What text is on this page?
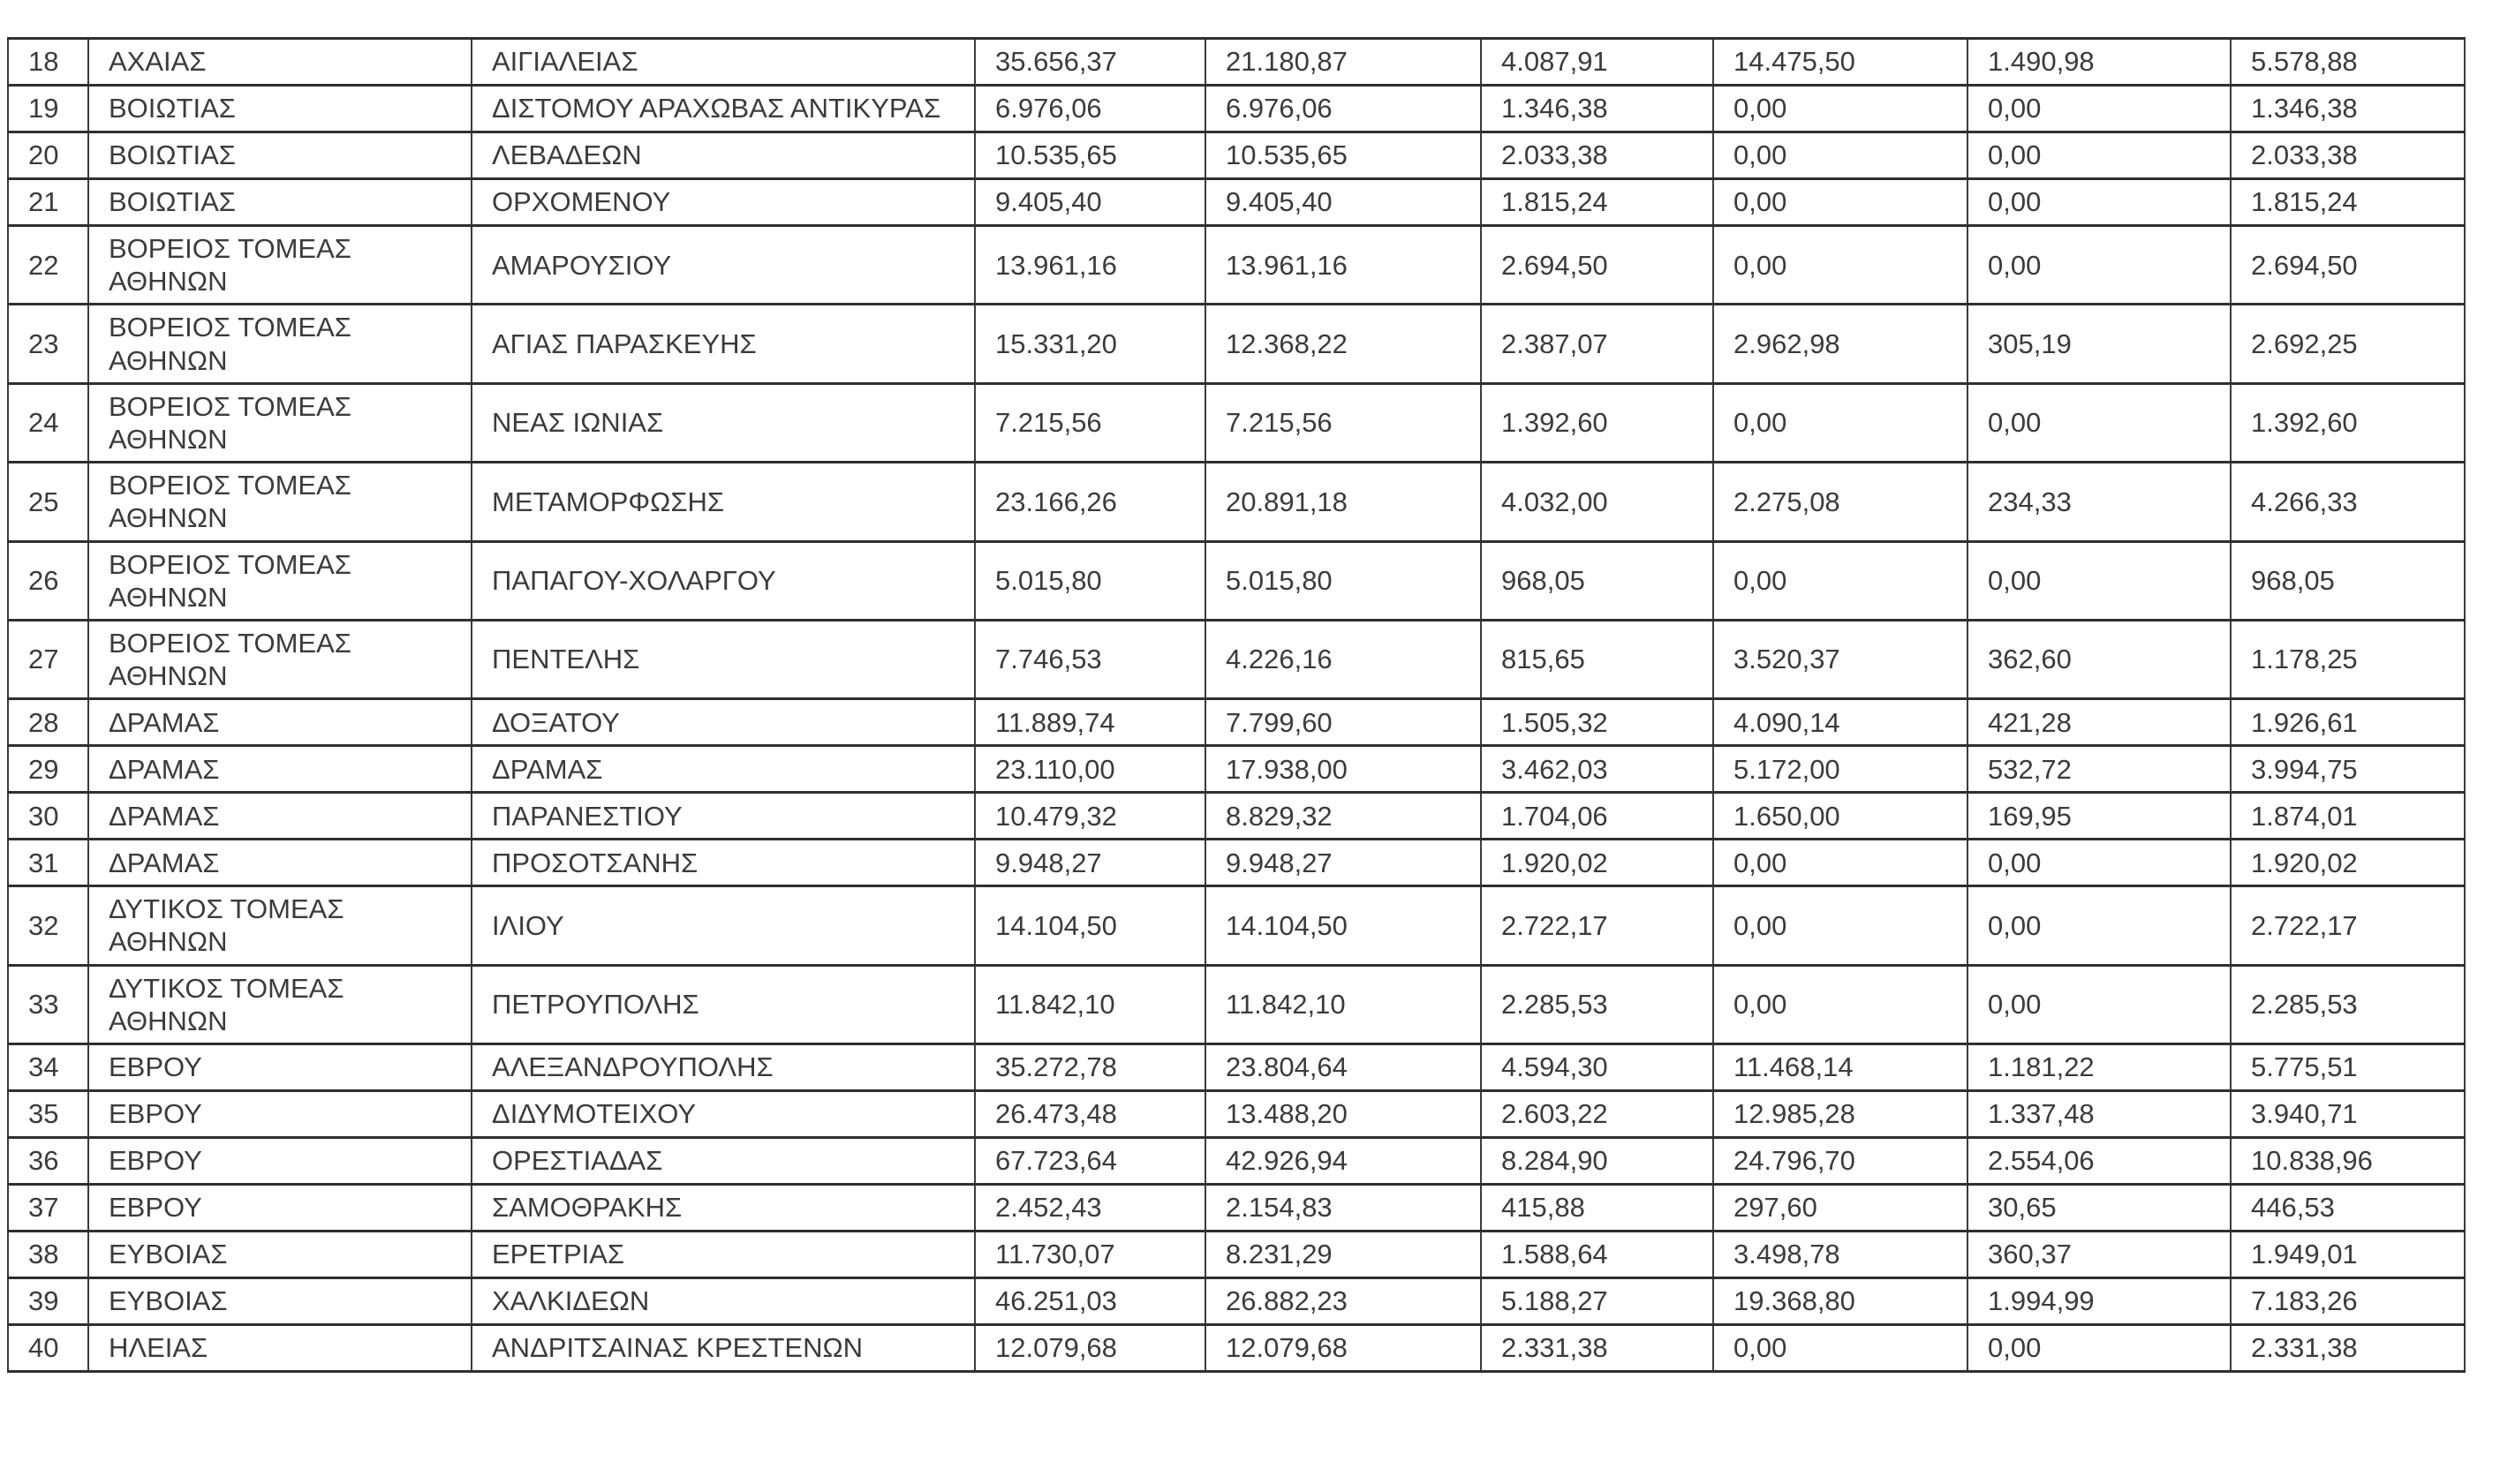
18	ΑΧΑΙΑΣ	ΑΙΓΙΑΛΕΙΑΣ	35.656,37	21.180,87	4.087,91	14.475,50	1.490,98	5.578,88
19	ΒΟΙΩΤΙΑΣ	ΔΙΣΤΟΜΟΥ ΑΡΑΧΩΒΑΣ ΑΝΤΙΚΥΡΑΣ	6.976,06	6.976,06	1.346,38	0,00	0,00	1.346,38
20	ΒΟΙΩΤΙΑΣ	ΛΕΒΑΔΕΩΝ	10.535,65	10.535,65	2.033,38	0,00	0,00	2.033,38
21	ΒΟΙΩΤΙΑΣ	ΟΡΧΟΜΕΝΟΥ	9.405,40	9.405,40	1.815,24	0,00	0,00	1.815,24
22	ΒΟΡΕΙΟΣ ΤΟΜΕΑΣ ΑΘΗΝΩΝ	ΑΜΑΡΟΥΣΙΟΥ	13.961,16	13.961,16	2.694,50	0,00	0,00	2.694,50
23	ΒΟΡΕΙΟΣ ΤΟΜΕΑΣ ΑΘΗΝΩΝ	ΑΓΙΑΣ ΠΑΡΑΣΚΕΥΗΣ	15.331,20	12.368,22	2.387,07	2.962,98	305,19	2.692,25
24	ΒΟΡΕΙΟΣ ΤΟΜΕΑΣ ΑΘΗΝΩΝ	ΝΕΑΣ ΙΩΝΙΑΣ	7.215,56	7.215,56	1.392,60	0,00	0,00	1.392,60
25	ΒΟΡΕΙΟΣ ΤΟΜΕΑΣ ΑΘΗΝΩΝ	ΜΕΤΑΜΟΡΦΩΣΗΣ	23.166,26	20.891,18	4.032,00	2.275,08	234,33	4.266,33
26	ΒΟΡΕΙΟΣ ΤΟΜΕΑΣ ΑΘΗΝΩΝ	ΠΑΠΑΓΟΥ-ΧΟΛΑΡΓΟΥ	5.015,80	5.015,80	968,05	0,00	0,00	968,05
27	ΒΟΡΕΙΟΣ ΤΟΜΕΑΣ ΑΘΗΝΩΝ	ΠΕΝΤΕΛΗΣ	7.746,53	4.226,16	815,65	3.520,37	362,60	1.178,25
28	ΔΡΑΜΑΣ	ΔΟΞΑΤΟΥ	11.889,74	7.799,60	1.505,32	4.090,14	421,28	1.926,61
29	ΔΡΑΜΑΣ	ΔΡΑΜΑΣ	23.110,00	17.938,00	3.462,03	5.172,00	532,72	3.994,75
30	ΔΡΑΜΑΣ	ΠΑΡΑΝΕΣΤΙΟΥ	10.479,32	8.829,32	1.704,06	1.650,00	169,95	1.874,01
31	ΔΡΑΜΑΣ	ΠΡΟΣΟΤΣΑΝΗΣ	9.948,27	9.948,27	1.920,02	0,00	0,00	1.920,02
32	ΔΥΤΙΚΟΣ ΤΟΜΕΑΣ ΑΘΗΝΩΝ	ΙΛΙΟΥ	14.104,50	14.104,50	2.722,17	0,00	0,00	2.722,17
33	ΔΥΤΙΚΟΣ ΤΟΜΕΑΣ ΑΘΗΝΩΝ	ΠΕΤΡΟΥΠΟΛΗΣ	11.842,10	11.842,10	2.285,53	0,00	0,00	2.285,53
34	ΕΒΡΟΥ	ΑΛΕΞΑΝΔΡΟΥΠΟΛΗΣ	35.272,78	23.804,64	4.594,30	11.468,14	1.181,22	5.775,51
35	ΕΒΡΟΥ	ΔΙΔΥΜΟΤΕΙΧΟΥ	26.473,48	13.488,20	2.603,22	12.985,28	1.337,48	3.940,71
36	ΕΒΡΟΥ	ΟΡΕΣΤΙΑΔΑΣ	67.723,64	42.926,94	8.284,90	24.796,70	2.554,06	10.838,96
37	ΕΒΡΟΥ	ΣΑΜΟΘΡΑΚΗΣ	2.452,43	2.154,83	415,88	297,60	30,65	446,53
38	ΕΥΒΟΙΑΣ	ΕΡΕΤΡΙΑΣ	11.730,07	8.231,29	1.588,64	3.498,78	360,37	1.949,01
39	ΕΥΒΟΙΑΣ	ΧΑΛΚΙΔΕΩΝ	46.251,03	26.882,23	5.188,27	19.368,80	1.994,99	7.183,26
40	ΗΛΕΙΑΣ	ΑΝΔΡΙΤΣΑΙΝΑΣ ΚΡΕΣΤΕΝΩΝ	12.079,68	12.079,68	2.331,38	0,00	0,00	2.331,38
